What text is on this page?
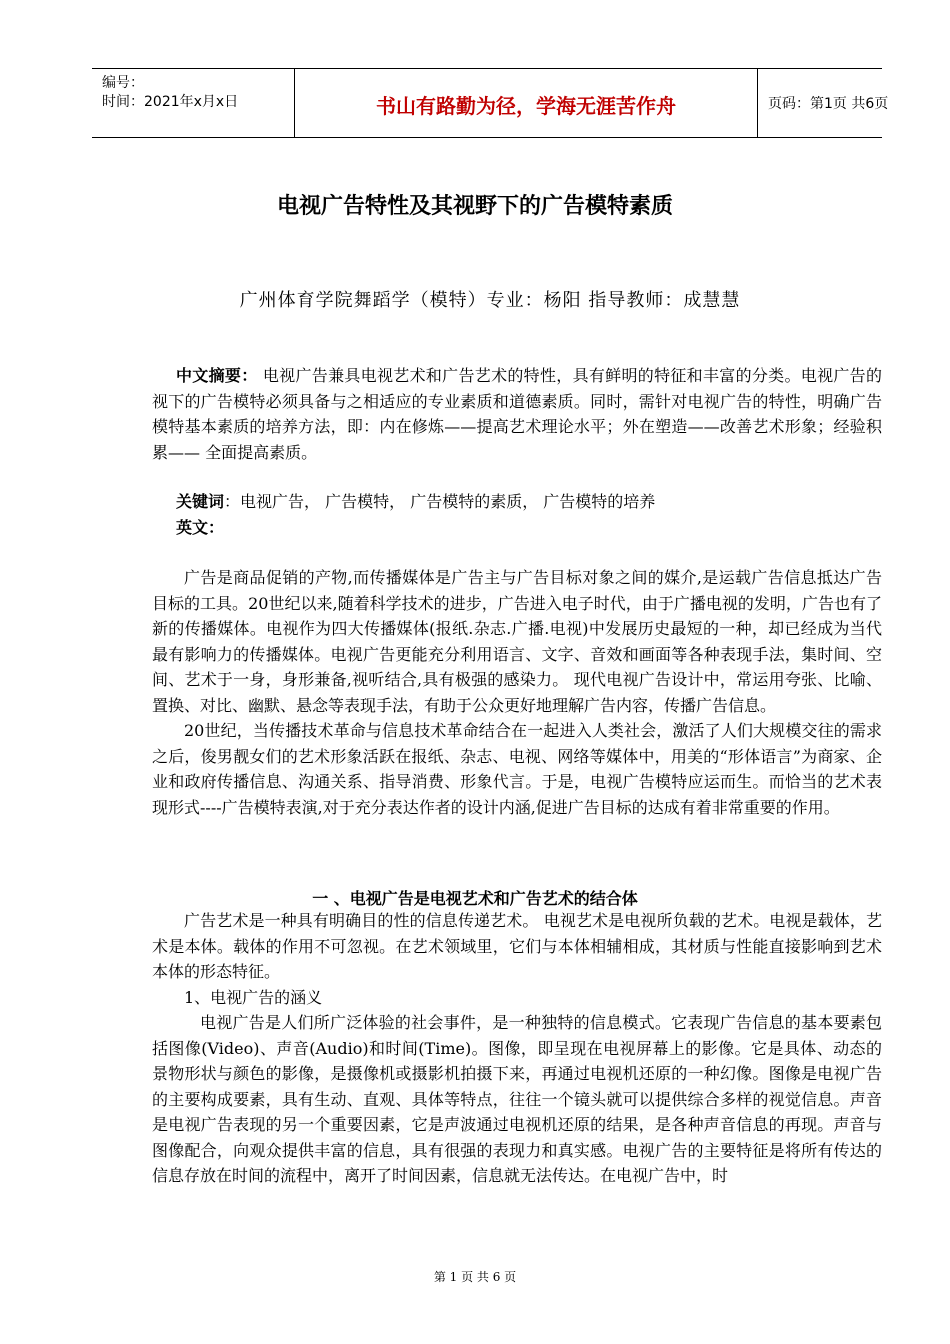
编号：
时间：2021年x月x日	书山有路勤为径，学海无涯苦作舟	页码：第1页 共6页
电视广告特性及其视野下的广告模特素质
广州体育学院舞蹈学（模特）专业：杨阳 指导教师：成慧慧

中文摘要： 电视广告兼具电视艺术和广告艺术的特性，具有鲜明的特征和丰富的分类。电视广告的视下的广告模特必须具备与之相适应的专业素质和道德素质。同时，需针对电视广告的特性，明确广告模特基本素质的培养方法，即：内在修炼——提高艺术理论水平；外在塑造——改善艺术形象；经验积累—— 全面提高素质。

关键词：电视广告， 广告模特， 广告模特的素质， 广告模特的培养

英文：

广告是商品促销的产物,而传播媒体是广告主与广告目标对象之间的媒介,是运载广告信息抵达广告目标的工具。20世纪以来,随着科学技术的进步，广告进入电子时代，由于广播电视的发明，广告也有了新的传播媒体。电视作为四大传播媒体(报纸.杂志.广播.电视)中发展历史最短的一种，却已经成为当代最有影响力的传播媒体。电视广告更能充分利用语言、文字、音效和画面等各种表现手法，集时间、空间、艺术于一身，身形兼备,视听结合,具有极强的感染力。 现代电视广告设计中，常运用夸张、比喻、置换、对比、幽默、悬念等表现手法，有助于公众更好地理解广告内容，传播广告信息。

20世纪，当传播技术革命与信息技术革命结合在一起进入人类社会，激活了人们大规模交往的需求之后，俊男靓女们的艺术形象活跃在报纸、杂志、电视、网络等媒体中，用美的“形体语言”为商家、企业和政府传播信息、沟通关系、指导消费、形象代言。于是，电视广告模特应运而生。而恰当的艺术表现形式----广告模特表演,对于充分表达作者的设计内涵,促进广告目标的达成有着非常重要的作用。

一 、电视广告是电视艺术和广告艺术的结合体

广告艺术是一种具有明确目的性的信息传递艺术。 电视艺术是电视所负载的艺术。电视是载体，艺术是本体。载体的作用不可忽视。在艺术领域里，它们与本体相辅相成，其材质与性能直接影响到艺术本体的形态特征。

1、电视广告的涵义

电视广告是人们所广泛体验的社会事件，是一种独特的信息模式。它表现广告信息的基本要素包括图像(Video)、声音(Audio)和时间(Time)。图像，即呈现在电视屏幕上的影像。它是具体、动态的景物形状与颜色的影像，是摄像机或摄影机拍摄下来，再通过电视机还原的一种幻像。图像是电视广告的主要构成要素，具有生动、直观、具体等特点，往往一个镜头就可以提供综合多样的视觉信息。声音是电视广告表现的另一个重要因素，它是声波通过电视机还原的结果，是各种声音信息的再现。声音与图像配合，向观众提供丰富的信息，具有很强的表现力和真实感。电视广告的主要特征是将所有传达的信息存放在时间的流程中，离开了时间因素，信息就无法传达。在电视广告中，时

第 1 页 共 6 页
